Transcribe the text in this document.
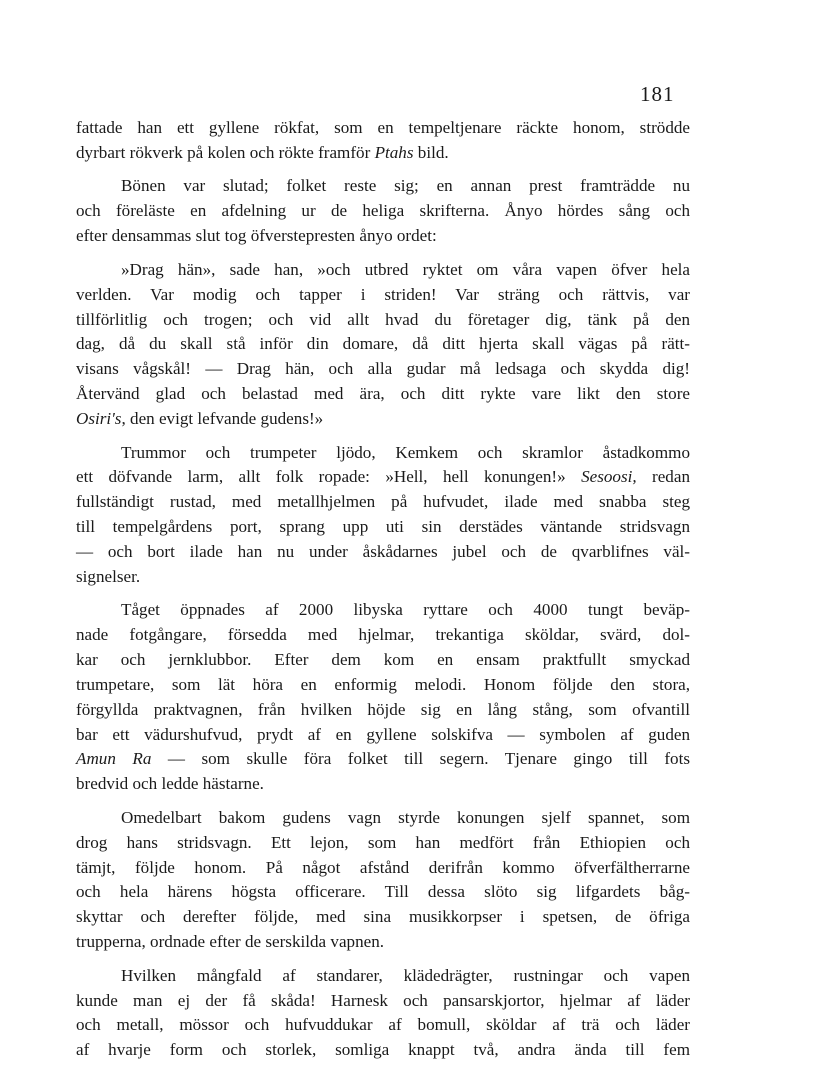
181
fattade han ett gyllene rökfat, som en tempeltjenare räckte honom, strödde
dyrbart rökverk på kolen och rökte framför Ptahs bild.
Bönen var slutad; folket reste sig; en annan prest framträdde nu
och föreläste en afdelning ur de heliga skrifterna. Ånyo hördes sång och
efter densammas slut tog öfverstepresten ånyo ordet:
»Drag hän», sade han, »och utbred ryktet om våra vapen öfver hela
verlden. Var modig och tapper i striden! Var sträng och rättvis, var
tillförlitlig och trogen; och vid allt hvad du företager dig, tänk på den
dag, då du skall stå inför din domare, då ditt hjerta skall vägas på rätt-
visans vågskål! — Drag hän, och alla gudar må ledsaga och skydda dig!
Återvänd glad och belastad med ära, och ditt rykte vare likt den store
Osiri's, den evigt lefvande gudens!»
Trummor och trumpeter ljödo, Kemkem och skramlor åstadkommo
ett döfvande larm, allt folk ropade: »Hell, hell konungen!» Sesoosi, redan
fullständigt rustad, med metallhjelmen på hufvudet, ilade med snabba steg
till tempelgårdens port, sprang upp uti sin derstädes väntande stridsvagn
— och bort ilade han nu under åskådarnes jubel och de qvarblifnes väl-
signelser.
Tåget öppnades af 2000 libyska ryttare och 4000 tungt beväp-
nade fotgångare, försedda med hjelmar, trekantiga sköldar, svärd, dol-
kar och jernklubbor. Efter dem kom en ensam praktfullt smyckad
trumpetare, som lät höra en enformig melodi. Honom följde den stora,
förgyllda praktvagnen, från hvilken höjde sig en lång stång, som ofvantill
bar ett vädurshufvud, prydt af en gyllene solskifva — symbolen af guden
Amun Ra — som skulle föra folket till segern. Tjenare gingo till fots
bredvid och ledde hästarne.
Omedelbart bakom gudens vagn styrde konungen sjelf spannet, som
drog hans stridsvagn. Ett lejon, som han medfört från Ethiopien och
tämjt, följde honom. På något afstånd derifrån kommo öfverfältherrarne
och hela härens högsta officerare. Till dessa slöto sig lifgardets båg-
skyttar och derefter följde, med sina musikkorpser i spetsen, de öfriga
trupperna, ordnade efter de serskilda vapnen.
Hvilken mångfald af standarer, klädedrägter, rustningar och vapen
kunde man ej der få skåda! Harnesk och pansarskjortor, hjelmar af läder
och metall, mössor och hufvuddukar af bomull, sköldar af trä och läder
af hvarje form och storlek, somliga knappt två, andra ända till fem
